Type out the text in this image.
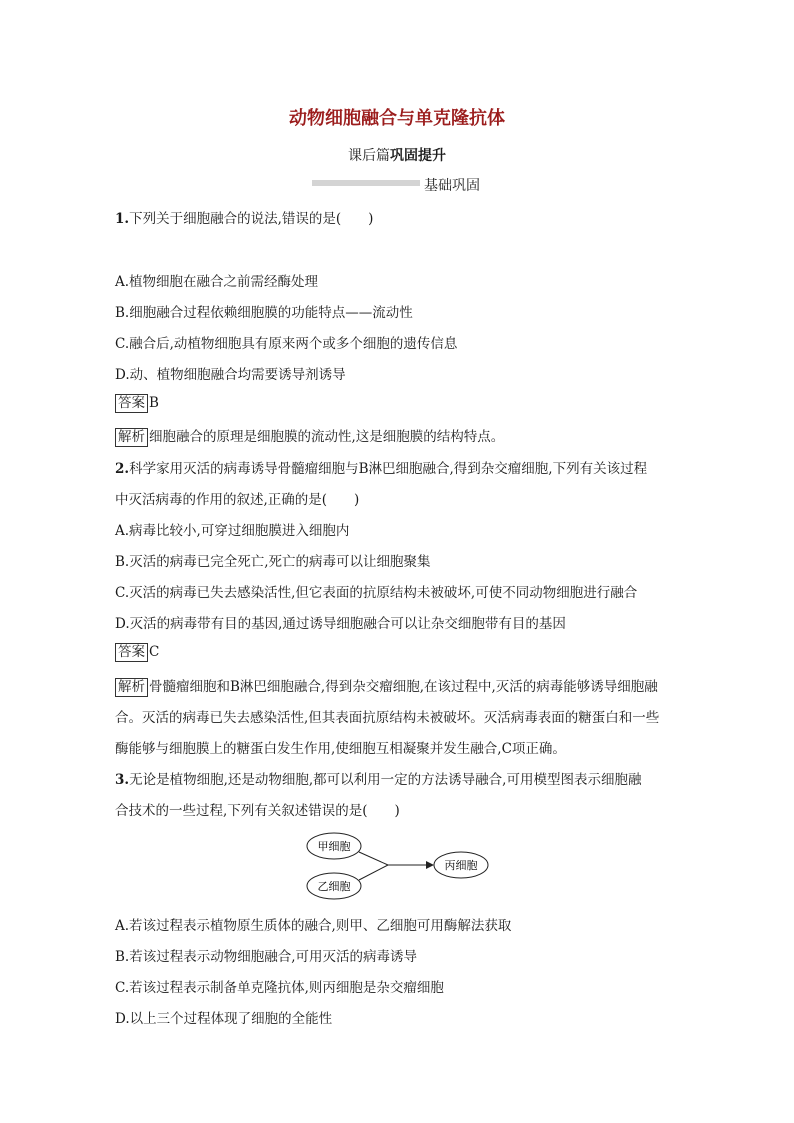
动物细胞融合与单克隆抗体
课后篇巩固提升
基础巩固
1.下列关于细胞融合的说法,错误的是(　　)
A.植物细胞在融合之前需经酶处理
B.细胞融合过程依赖细胞膜的功能特点——流动性
C.融合后,动植物细胞具有原来两个或多个细胞的遗传信息
D.动、植物细胞融合均需要诱导剂诱导
答案 B
解析 细胞融合的原理是细胞膜的流动性,这是细胞膜的结构特点。
2.科学家用灭活的病毒诱导骨髓瘤细胞与B淋巴细胞融合,得到杂交瘤细胞,下列有关该过程
中灭活病毒的作用的叙述,正确的是(　　)
A.病毒比较小,可穿过细胞膜进入细胞内
B.灭活的病毒已完全死亡,死亡的病毒可以让细胞聚集
C.灭活的病毒已失去感染活性,但它表面的抗原结构未被破坏,可使不同动物细胞进行融合
D.灭活的病毒带有目的基因,通过诱导细胞融合可以让杂交细胞带有目的基因
答案 C
解析 骨髓瘤细胞和B淋巴细胞融合,得到杂交瘤细胞,在该过程中,灭活的病毒能够诱导细胞融
合。灭活的病毒已失去感染活性,但其表面抗原结构未被破坏。灭活病毒表面的糖蛋白和一些
酶能够与细胞膜上的糖蛋白发生作用,使细胞互相凝聚并发生融合,C项正确。
3.无论是植物细胞,还是动物细胞,都可以利用一定的方法诱导融合,可用模型图表示细胞融
合技术的一些过程,下列有关叙述错误的是(　　)
甲细胞
乙细胞
丙细胞
A.若该过程表示植物原生质体的融合,则甲、乙细胞可用酶解法获取
B.若该过程表示动物细胞融合,可用灭活的病毒诱导
C.若该过程表示制备单克隆抗体,则丙细胞是杂交瘤细胞
D.以上三个过程体现了细胞的全能性
